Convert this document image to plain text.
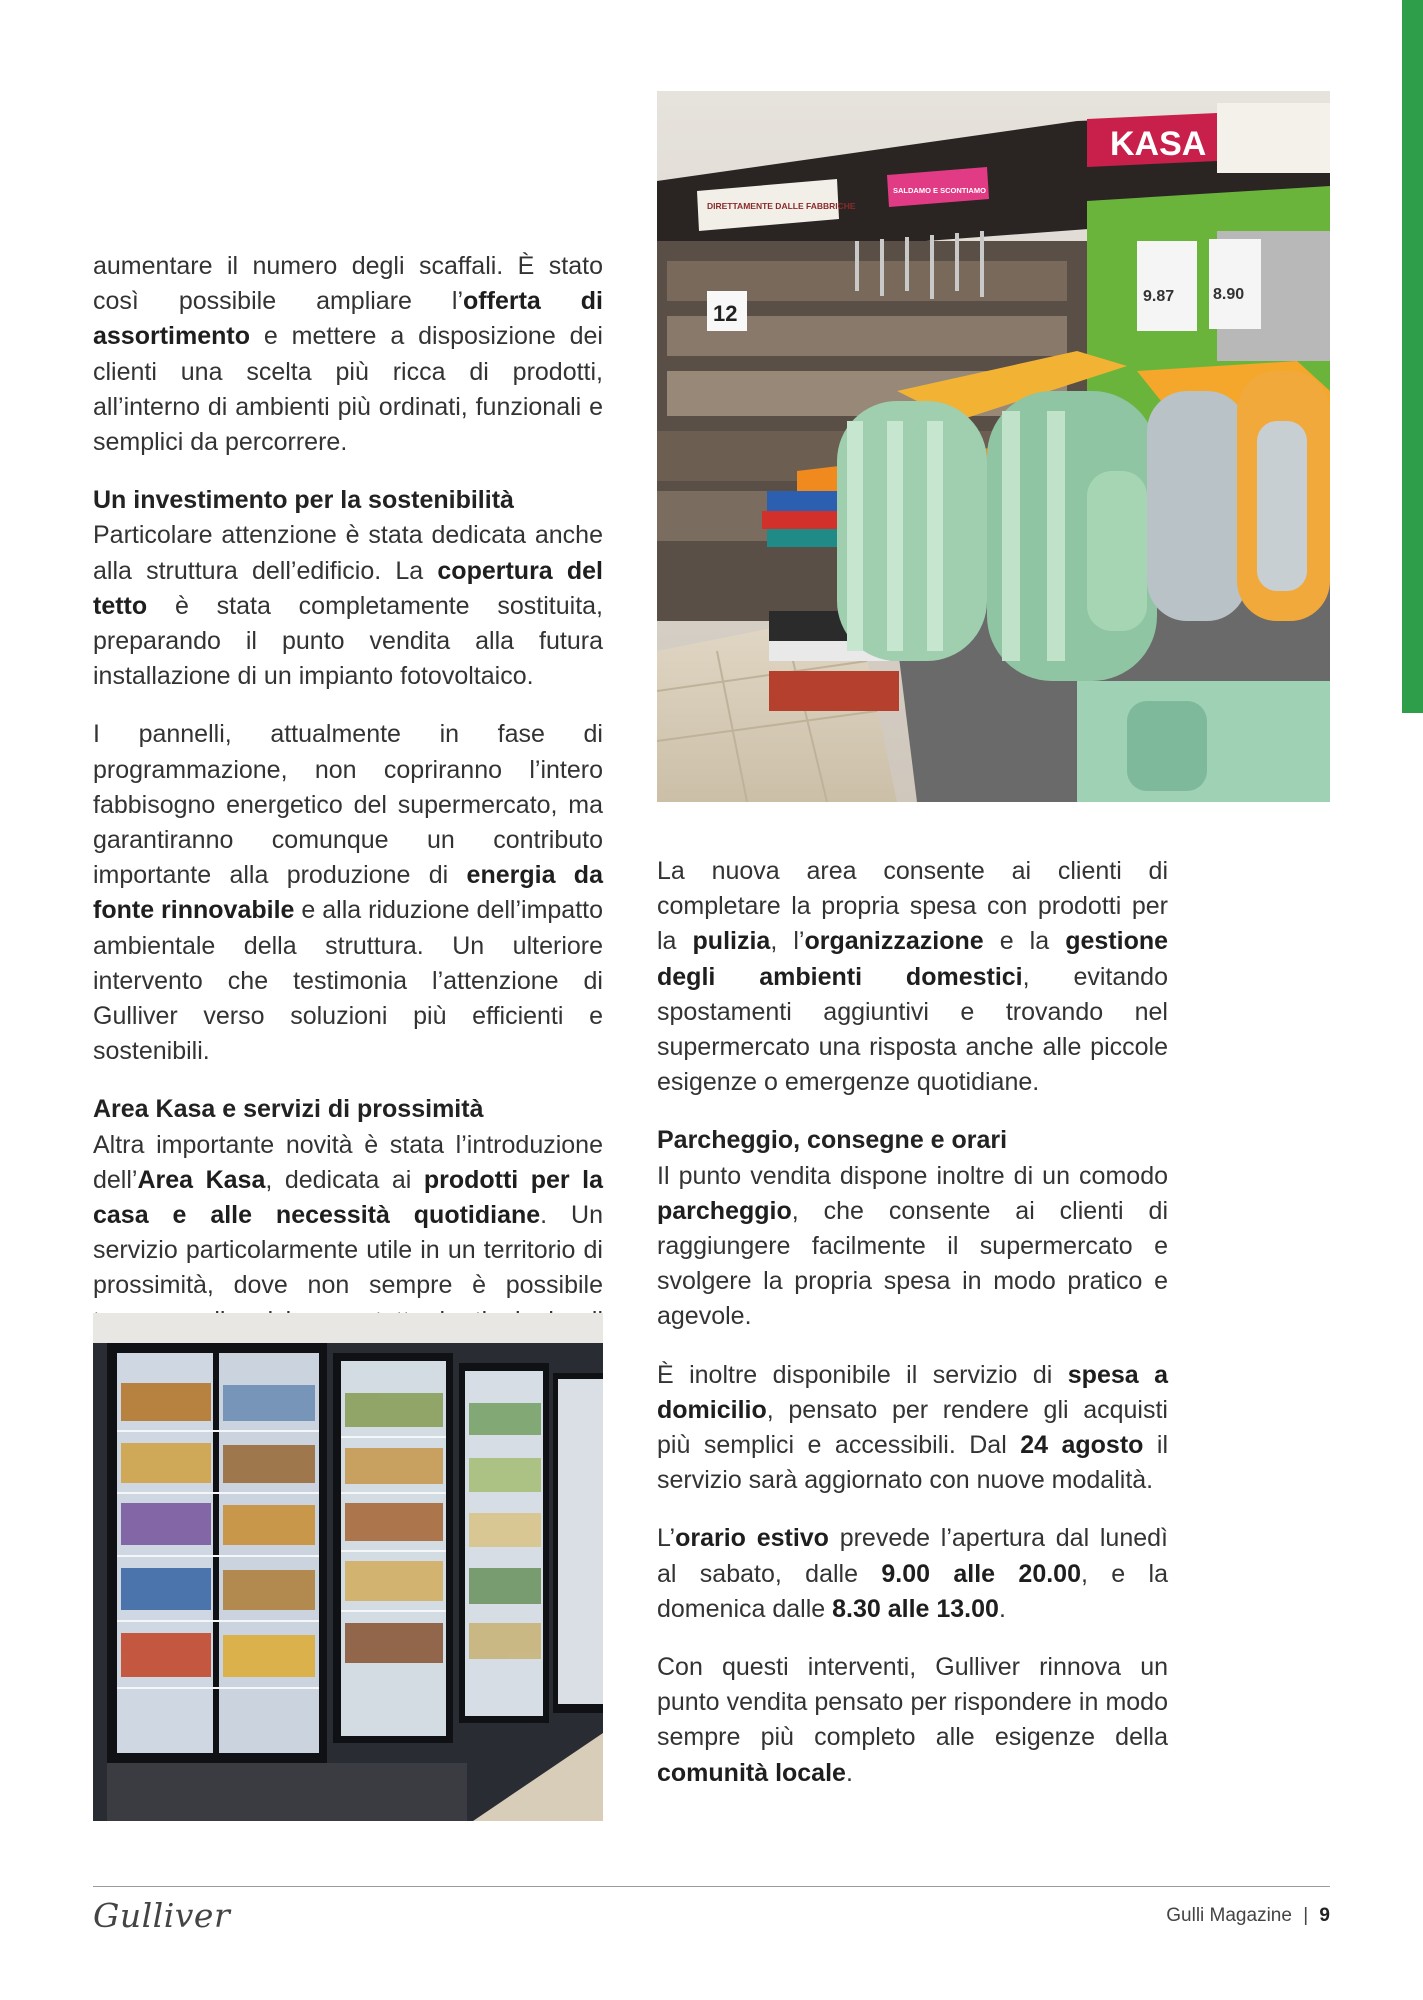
aumentare il numero degli scaffali. È stato così possibile ampliare l’offerta di assortimento e mettere a disposizione dei clienti una scelta più ricca di prodotti, all’interno di ambienti più ordinati, funzionali e semplici da percorrere.

Un investimento per la sostenibilità

Particolare attenzione è stata dedicata anche alla struttura dell’edificio. La copertura del tetto è stata completamente sostituita, preparando il punto vendita alla futura installazione di un impianto fotovoltaico.

I pannelli, attualmente in fase di programmazione, non copriranno l’intero fabbisogno energetico del supermercato, ma garantiranno comunque un contributo importante alla produzione di energia da fonte rinnovabile e alla riduzione dell’impatto ambientale della struttura. Un ulteriore intervento che testimonia l’attenzione di Gulliver verso soluzioni più efficienti e sostenibili.

Area Kasa e servizi di prossimità

Altra importante novità è stata l’introduzione dell’Area Kasa, dedicata ai prodotti per la casa e alle necessità quotidiane. Un servizio particolarmente utile in un territorio di prossimità, dove non sempre è possibile

KASA
DIRETTAMENTE DALLE FABBRICHE
SALDAMO E SCONTIAMO
9.87 8.90
12

La nuova area consente ai clienti di completare la propria spesa con prodotti per la pulizia, l’organizzazione e la gestione degli ambienti domestici, evitando spostamenti aggiuntivi e trovando nel supermercato una risposta anche alle piccole esigenze o emergenze quotidiane.

Parcheggio, consegne e orari

Il punto vendita dispone inoltre di un comodo parcheggio, che consente ai clienti di raggiungere facilmente il supermercato e svolgere la propria spesa in modo pratico e agevole.

È inoltre disponibile il servizio di spesa a domicilio, pensato per rendere gli acquisti più semplici e accessibili. Dal 24 agosto il servizio sarà aggiornato con nuove modalità.

L’orario estivo prevede l’apertura dal lunedì al sabato, dalle 9.00 alle 20.00, e la domenica dalle 8.30 alle 13.00.

Con questi interventi, Gulliver rinnova un punto vendita pensato per rispondere in modo sempre più completo alle esigenze della comunità locale.

Gulliver	Gulli Magazine | 9
